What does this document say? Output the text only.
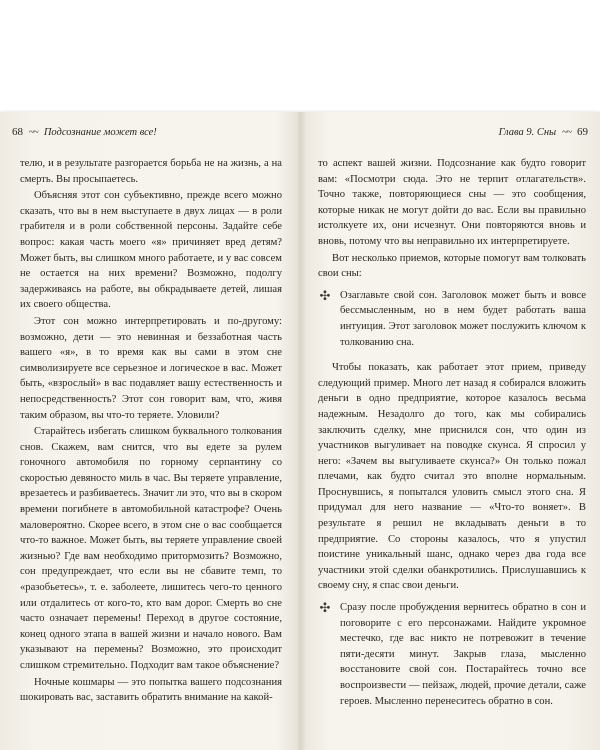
68 ~~ Подсознание может все!

телю, и в результате разгорается борьба не на жизнь, а на смерть. Вы просыпаетесь.

Объясняя этот сон субъективно, прежде всего можно сказать, что вы в нем выступаете в двух лицах — в роли грабителя и в роли собственной персоны. Задайте себе вопрос: какая часть моего «я» причиняет вред детям? Может быть, вы слишком много работаете, и у вас совсем не остается на них времени? Возможно, подолгу задерживаясь на работе, вы обкрадываете детей, лишая их своего общества.

Этот сон можно интерпретировать и по-другому: возможно, дети — это невинная и беззаботная часть вашего «я», в то время как вы сами в этом сне символизируете все серьезное и логическое в вас. Может быть, «взрослый» в вас подавляет вашу естественность и непосредственность? Этот сон говорит вам, что, живя таким образом, вы что-то теряете. Уловили?

Старайтесь избегать слишком буквального толкования снов. Скажем, вам снится, что вы едете за рулем гоночного автомобиля по горному серпантину со скоростью девяносто миль в час. Вы теряете управление, врезаетесь и разбиваетесь. Значит ли это, что вы в скором времени погибнете в автомобильной катастрофе? Очень маловероятно. Скорее всего, в этом сне о вас сообщается что-то важное. Может быть, вы теряете управление своей жизнью? Где вам необходимо притормозить? Возможно, сон предупреждает, что если вы не сбавите темп, то «разобьетесь», т. е. заболеете, лишитесь чего-то ценного или отдалитесь от кого-то, кто вам дорог. Смерть во сне часто означает перемены! Переход в другое состояние, конец одного этапа в вашей жизни и начало нового. Вам указывают на перемены? Возможно, это происходит слишком стремительно. Подходит вам такое объяснение?

Ночные кошмары — это попытка вашего подсознания шокировать вас, заставить обратить внимание на какой-

Глава 9. Сны ~~ 69

то аспект вашей жизни. Подсознание как будто говорит вам: «Посмотри сюда. Это не терпит отлагательств». Точно также, повторяющиеся сны — это сообщения, которые никак не могут дойти до вас. Если вы правильно истолкуете их, они исчезнут. Они повторяются вновь и вновь, потому что вы неправильно их интерпретируете.

Вот несколько приемов, которые помогут вам толковать свои сны:

✣ Озаглавьте свой сон. Заголовок может быть и вовсе бессмысленным, но в нем будет работать ваша интуиция. Этот заголовок может послужить ключом к толкованию сна.

Чтобы показать, как работает этот прием, приведу следующий пример. Много лет назад я собирался вложить деньги в одно предприятие, которое казалось весьма надежным. Незадолго до того, как мы собирались заключить сделку, мне приснился сон, что один из участников выгуливает на поводке скунса. Я спросил у него: «Зачем вы выгуливаете скунса?» Он только пожал плечами, как будто считал это вполне нормальным. Проснувшись, я попытался уловить смысл этого сна. Я придумал для него название — «Что-то воняет». В результате я решил не вкладывать деньги в то предприятие. Со стороны казалось, что я упустил поистине уникальный шанс, однако через два года все участники этой сделки обанкротились. Прислушавшись к своему сну, я спас свои деньги.

✣ Сразу после пробуждения вернитесь обратно в сон и поговорите с его персонажами. Найдите укромное местечко, где вас никто не потревожит в течение пяти-десяти минут. Закрыв глаза, мысленно восстановите свой сон. Постарайтесь точно все воспроизвести — пейзаж, людей, прочие детали, саже героев. Мысленно перенеситесь обратно в сон.
